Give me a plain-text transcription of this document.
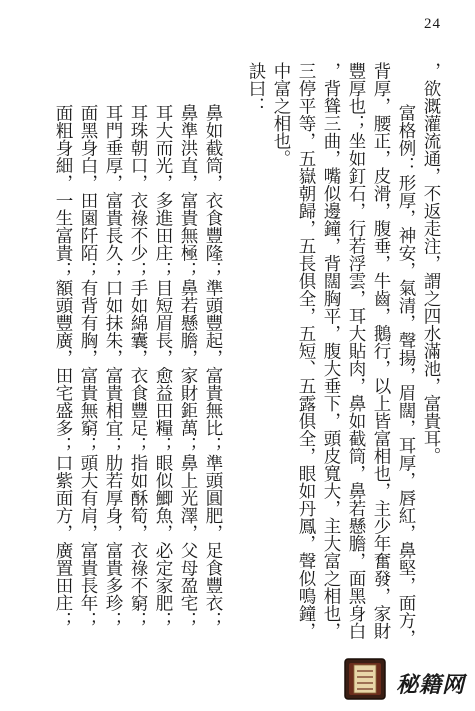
24
，欲溉灌流通，不返走注，謂之四水滿池，富貴耳。
富格例：形厚，神安，氣清，聲揚，眉闊，耳厚，唇紅，鼻堅，面方，
背厚，腰正，皮滑，腹垂，牛齒，鵝行，以上皆富相也，主少年奮發，家財
豐厚也；坐如釘石，行若浮雲，耳大貼肉，鼻如截筒，鼻若懸膽，面黑身白
，背聳三曲，嘴似邊鐘，背闊胸平，腹大垂下，頭皮寬大，主大富之相也，
三停平等，五嶽朝歸，五長俱全，五短、五露俱全，眼如丹鳳，聲似鳴鐘，
中富之相也。
訣曰：
鼻如截筒，衣食豐隆；準頭豐起，富貴無比；準頭圓肥，足食豐衣；
鼻準洪直，富貴無極；鼻若懸膽，家財鉅萬；鼻上光澤，父母盈宅；
耳大而光，多進田庄；目短眉長，愈益田糧；眼似鯽魚，必定家肥；
耳珠朝口，衣祿不少；手如綿囊，衣食豐足；指如酥筍，衣祿不窮；
耳門垂厚，富貴長久；口如抹朱，富貴相宜；肋若厚身，富貴多珍；
面黑身白，田園阡陌；有背有胸，富貴無窮；頭大有肩，富貴長年；
面粗身細，一生富貴；額頭豐廣，田宅盛多；口紫面方，廣置田庄；
秘籍网
